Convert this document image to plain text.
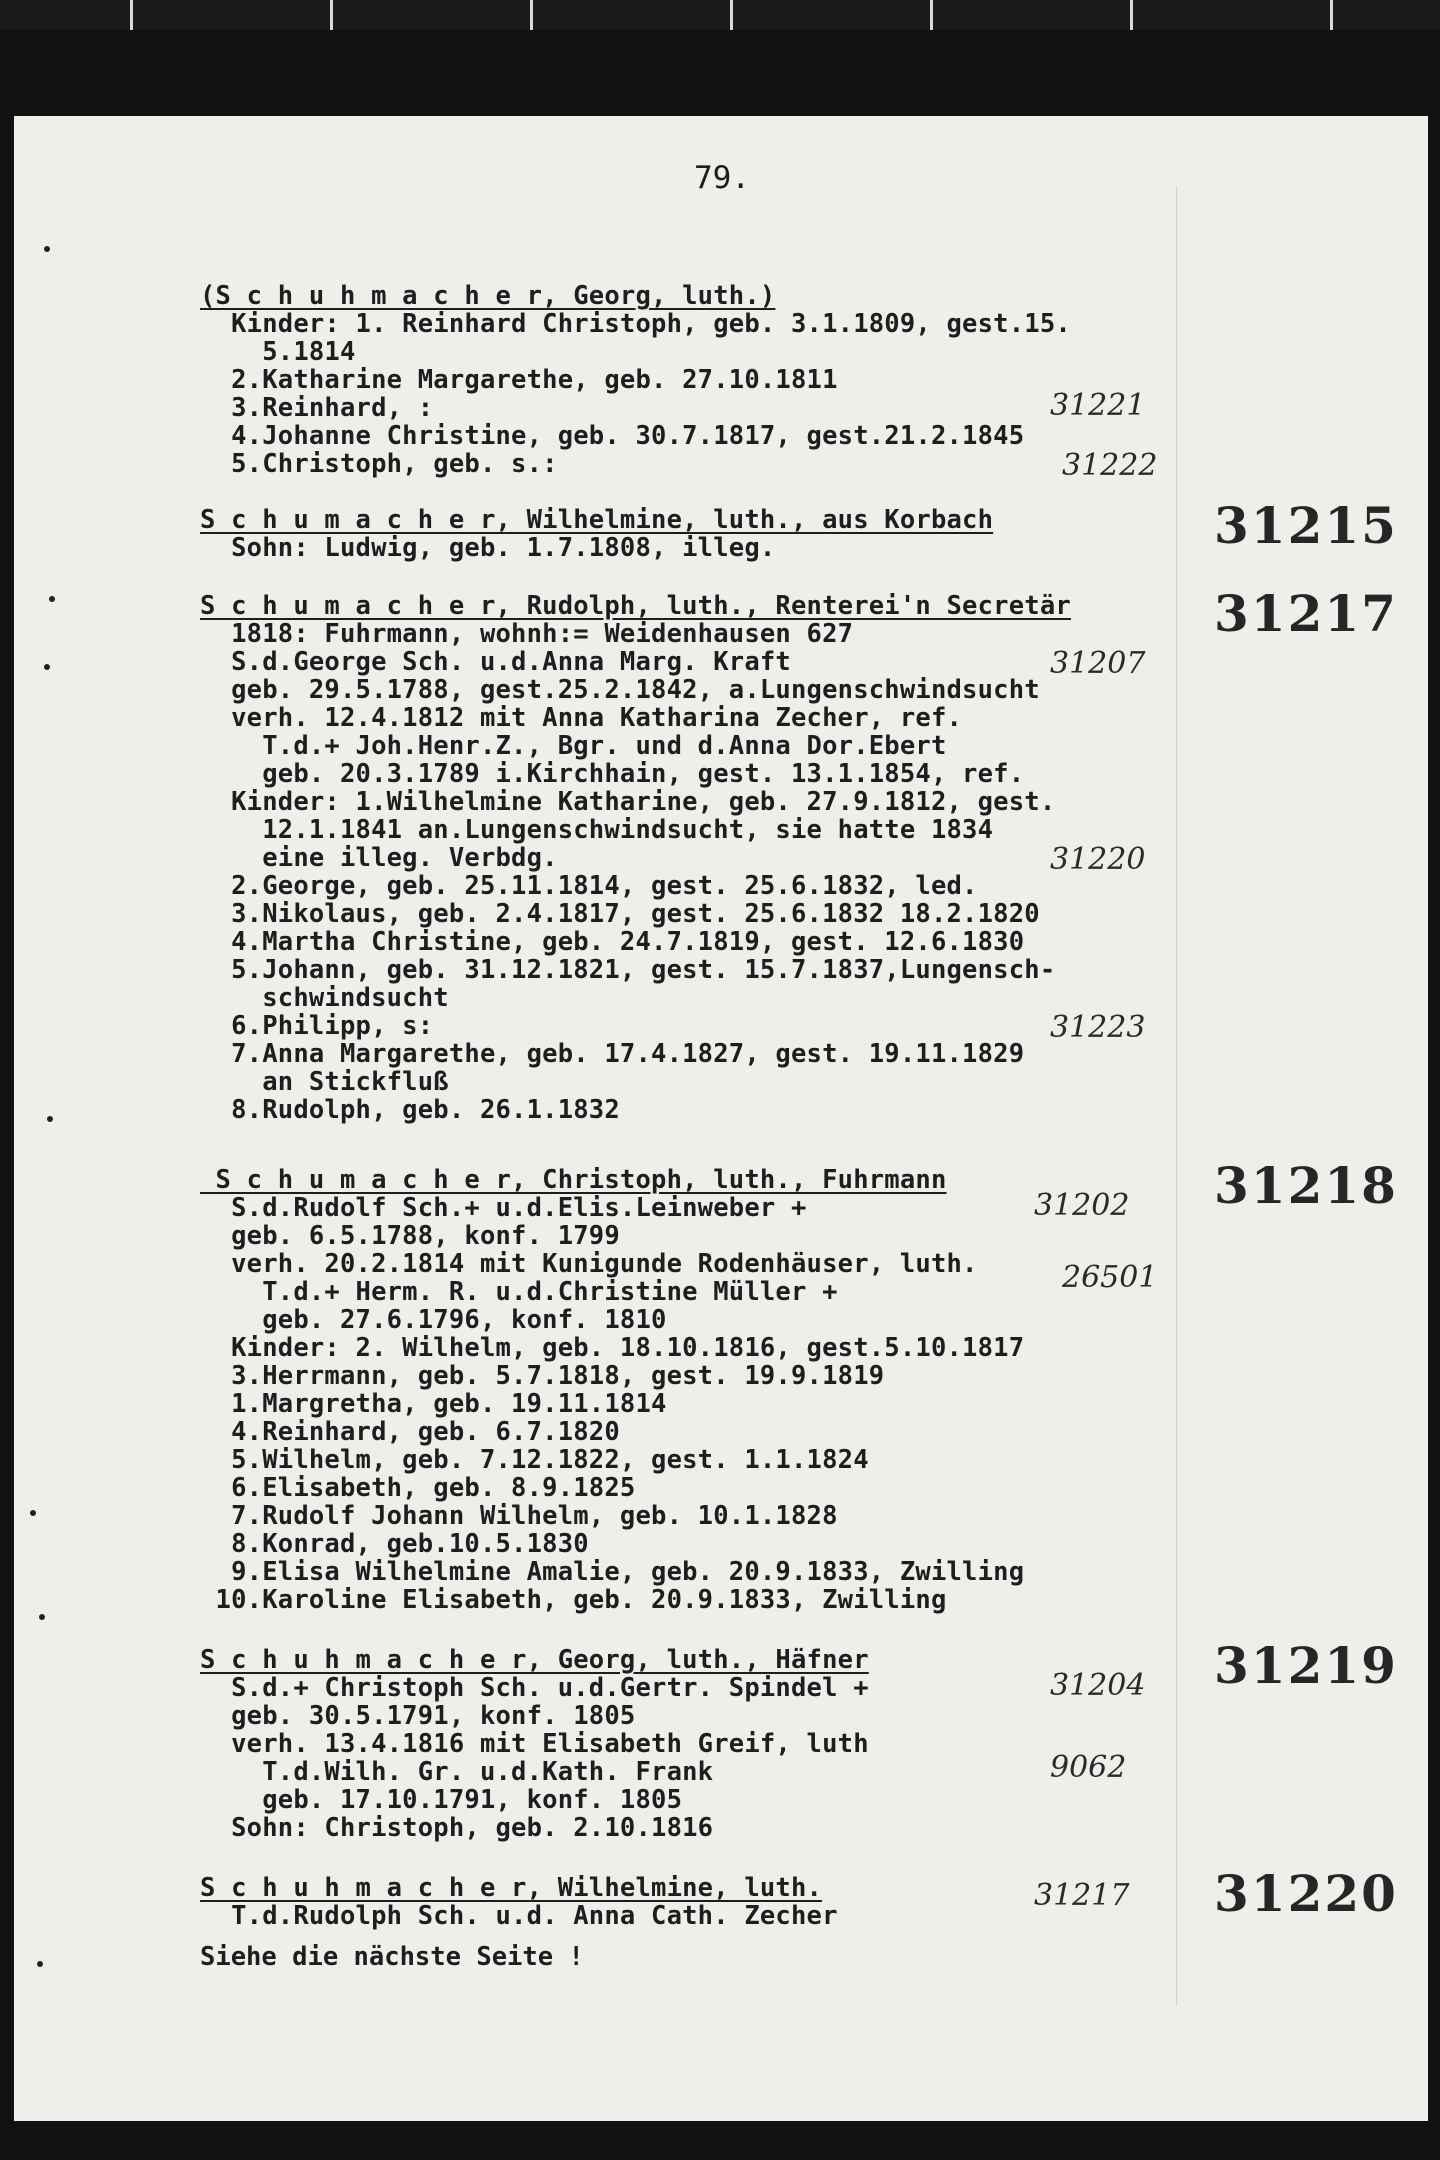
79.
(S c h u h m a c h e r, Georg, luth.)
Kinder: 1. Reinhard Christoph, geb. 3.1.1809, gest.15.
5.1814
2.Katharine Margarethe, geb. 27.10.1811
3.Reinhard, :
4.Johanne Christine, geb. 30.7.1817, gest.21.2.1845
5.Christoph, geb. s.:
31221
31222
S c h u m a c h e r, Wilhelmine, luth., aus Korbach
Sohn: Ludwig, geb. 1.7.1808, illeg.	31215
S c h u m a c h e r, Rudolph, luth., Renterei'n Secretär
1818: Fuhrmann, wohnh:= Weidenhausen 627
S.d.George Sch. u.d.Anna Marg. Kraft
geb. 29.5.1788, gest.25.2.1842, a.Lungenschwindsucht
verh. 12.4.1812 mit Anna Katharina Zecher, ref.
T.d.+ Joh.Henr.Z., Bgr. und d.Anna Dor.Ebert
geb. 20.3.1789 i.Kirchhain, gest. 13.1.1854, ref.
Kinder: 1.Wilhelmine Katharine, geb. 27.9.1812, gest.
12.1.1841 an.Lungenschwindsucht, sie hatte 1834
eine illeg. Verbdg.
2.George, geb. 25.11.1814, gest. 25.6.1832, led.
3.Nikolaus, geb. 2.4.1817, gest. 25.6.1832 18.2.1820
4.Martha Christine, geb. 24.7.1819, gest. 12.6.1830
5.Johann, geb. 31.12.1821, gest. 15.7.1837,Lungensch-
schwindsucht
6.Philipp, s:
7.Anna Margarethe, geb. 17.4.1827, gest. 19.11.1829
an Stickfluß
8.Rudolph, geb. 26.1.1832
31217
31207
31220
31223
S c h u m a c h e r, Christoph, luth., Fuhrmann
S.d.Rudolf Sch.+ u.d.Elis.Leinweber +
geb. 6.5.1788, konf. 1799
verh. 20.2.1814 mit Kunigunde Rodenhäuser, luth.
T.d.+ Herm. R. u.d.Christine Müller +
geb. 27.6.1796, konf. 1810
Kinder: 2. Wilhelm, geb. 18.10.1816, gest.5.10.1817
3.Herrmann, geb. 5.7.1818, gest. 19.9.1819
1.Margretha, geb. 19.11.1814
4.Reinhard, geb. 6.7.1820
5.Wilhelm, geb. 7.12.1822, gest. 1.1.1824
6.Elisabeth, geb. 8.9.1825
7.Rudolf Johann Wilhelm, geb. 10.1.1828
8.Konrad, geb.10.5.1830
9.Elisa Wilhelmine Amalie, geb. 20.9.1833, Zwilling
10.Karoline Elisabeth, geb. 20.9.1833, Zwilling
31218
31202
26501
S c h u h m a c h e r, Georg, luth., Häfner
S.d.+ Christoph Sch. u.d.Gertr. Spindel +
geb. 30.5.1791, konf. 1805
verh. 13.4.1816 mit Elisabeth Greif, luth
T.d.Wilh. Gr. u.d.Kath. Frank
geb. 17.10.1791, konf. 1805
Sohn: Christoph, geb. 2.10.1816
31219
31204
9062
S c h u h m a c h e r, Wilhelmine, luth.
T.d.Rudolph Sch. u.d. Anna Cath. Zecher	31220
31217
Siehe die nächste Seite !
